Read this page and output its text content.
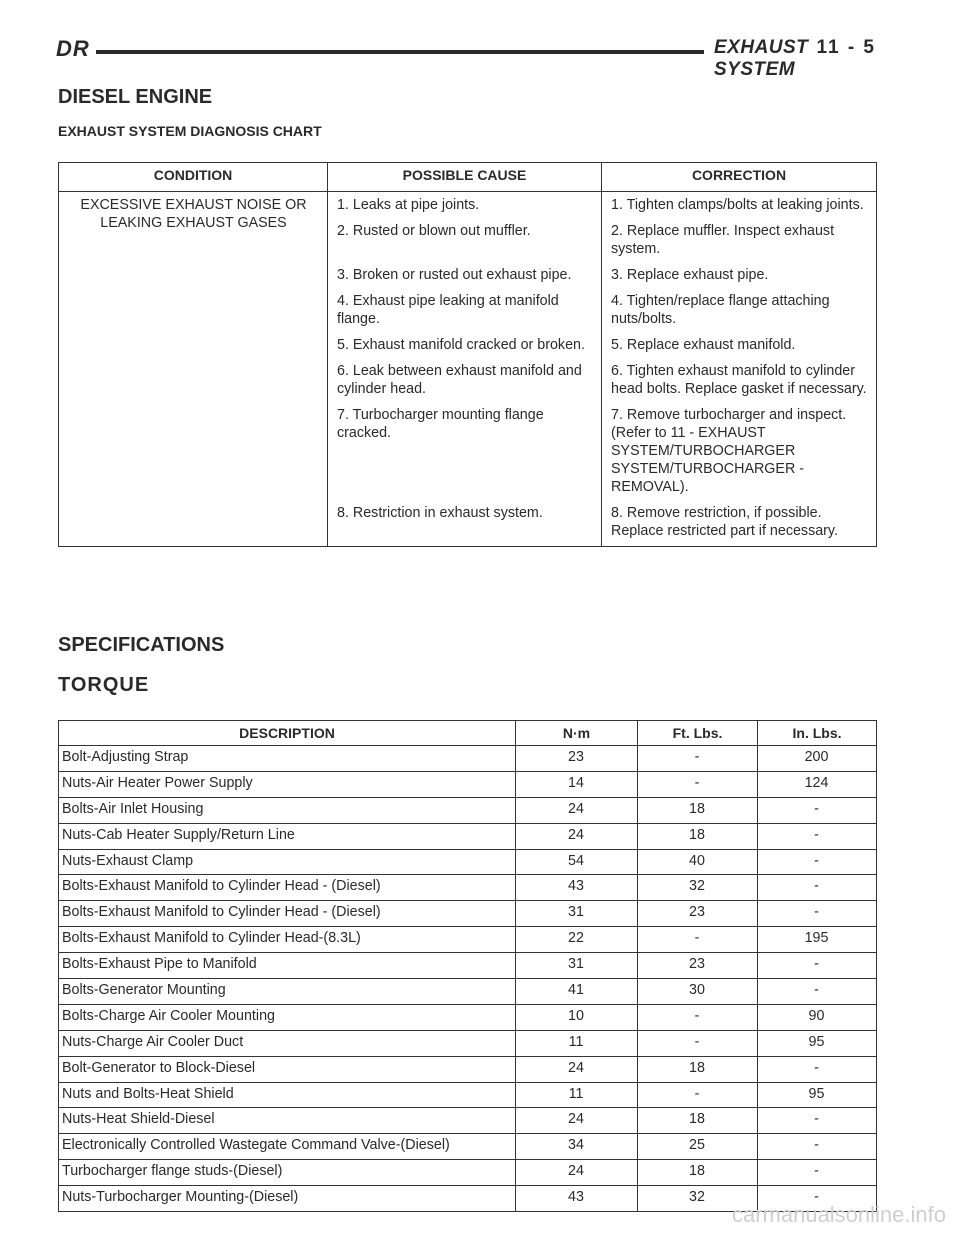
DR	EXHAUST SYSTEM
11 - 5
DIESEL ENGINE
EXHAUST SYSTEM DIAGNOSIS CHART
CONDITION	POSSIBLE CAUSE	CORRECTION
EXCESSIVE EXHAUST NOISE OR LEAKING EXHAUST GASES	1. Leaks at pipe joints.	1. Tighten clamps/bolts at leaking joints.
	2. Rusted or blown out muffler.	2. Replace muffler. Inspect exhaust system.
	3. Broken or rusted out exhaust pipe.	3. Replace exhaust pipe.
	4. Exhaust pipe leaking at manifold flange.	4. Tighten/replace flange attaching nuts/bolts.
	5. Exhaust manifold cracked or broken.	5. Replace exhaust manifold.
	6. Leak between exhaust manifold and cylinder head.	6. Tighten exhaust manifold to cylinder head bolts. Replace gasket if necessary.
	7. Turbocharger mounting flange cracked.	7. Remove turbocharger and inspect. (Refer to 11 - EXHAUST SYSTEM/TURBOCHARGER SYSTEM/TURBOCHARGER - REMOVAL).
	8. Restriction in exhaust system.	8. Remove restriction, if possible. Replace restricted part if necessary.
SPECIFICATIONS
TORQUE
DESCRIPTION	N·m	Ft. Lbs.	In. Lbs.
Bolt-Adjusting Strap	23	-	200
Nuts-Air Heater Power Supply	14	-	124
Bolts-Air Inlet Housing	24	18	-
Nuts-Cab Heater Supply/Return Line	24	18	-
Nuts-Exhaust Clamp	54	40	-
Bolts-Exhaust Manifold to Cylinder Head - (Diesel)	43	32	-
Bolts-Exhaust Manifold to Cylinder Head - (Diesel)	31	23	-
Bolts-Exhaust Manifold to Cylinder Head-(8.3L)	22	-	195
Bolts-Exhaust Pipe to Manifold	31	23	-
Bolts-Generator Mounting	41	30	-
Bolts-Charge Air Cooler Mounting	10	-	90
Nuts-Charge Air Cooler Duct	11	-	95
Bolt-Generator to Block-Diesel	24	18	-
Nuts and Bolts-Heat Shield	11	-	95
Nuts-Heat Shield-Diesel	24	18	-
Electronically Controlled Wastegate Command Valve-(Diesel)	34	25	-
Turbocharger flange studs-(Diesel)	24	18	-
Nuts-Turbocharger Mounting-(Diesel)	43	32	-
carmanualsonline.info
